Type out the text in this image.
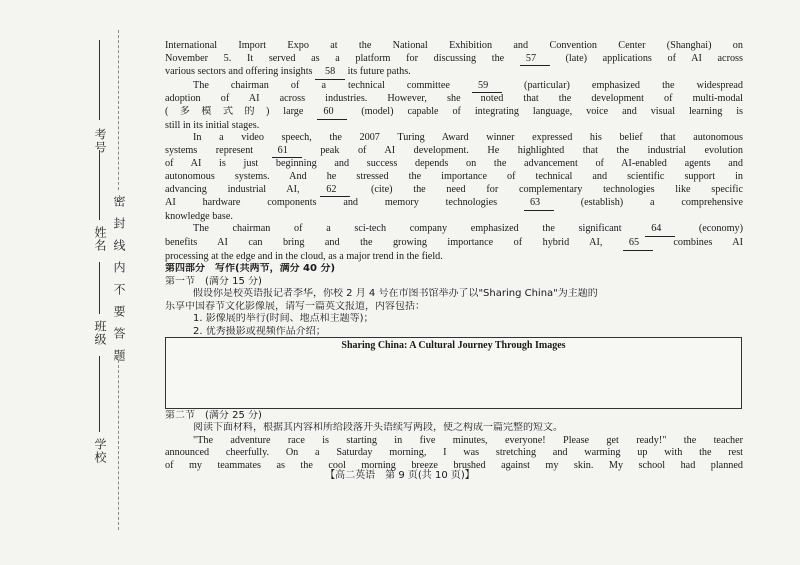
考号
姓名
班级
学校
密封线内不要答题
International Import Expo at the National Exhibition and Convention Center (Shanghai) on
November 5. It served as a platform for discussing the 57	(late) applications of AI across
various sectors and offering insights 58 its future paths.
The chairman of a technical committee	59	(particular) emphasized the widespread
adoption of AI across industries. However, she noted that the development of multi-modal
(多模式的) large 60	(model) capable of integrating language, voice and visual learning is
still in its initial stages.
In a video speech, the 2007 Turing Award winner expressed his belief that autonomous
systems represent 61	peak of AI development. He highlighted that the industrial evolution
of AI is just beginning and success depends on the advancement of AI-enabled agents and
autonomous systems. And he stressed the importance of technical and scientific support in
advancing industrial AI,	62	(cite) the need for complementary technologies like specific
AI hardware components and memory technologies	63	(establish) a comprehensive
knowledge base.
The chairman of a sci-tech company emphasized the significant	64	(economy)
benefits AI can bring and the growing importance of hybrid AI,	65	combines AI
processing at the edge and in the cloud, as a major trend in the field.
第四部分　写作(共两节，满分 40 分)
第一节　(满分 15 分)
假设你是校英语报记者李华，你校 2 月 4 号在市图书馆举办了以"Sharing China"为主题的
乐享中国春节文化影像展，请写一篇英文报道，内容包括：
1. 影像展的举行(时间、地点和主题等)；
2. 优秀摄影或视频作品介绍；
Sharing China: A Cultural Journey Through Images
第二节　(满分 25 分)
阅读下面材料，根据其内容和所给段落开头语续写两段，使之构成一篇完整的短文。
"The adventure race is starting in five minutes, everyone! Please get ready!" the teacher
announced cheerfully. On a Saturday morning, I was stretching and warming up with the rest
of my teammates as the cool morning breeze brushed against my skin. My school had planned
【高二英语　第 9 页(共 10 页)】
